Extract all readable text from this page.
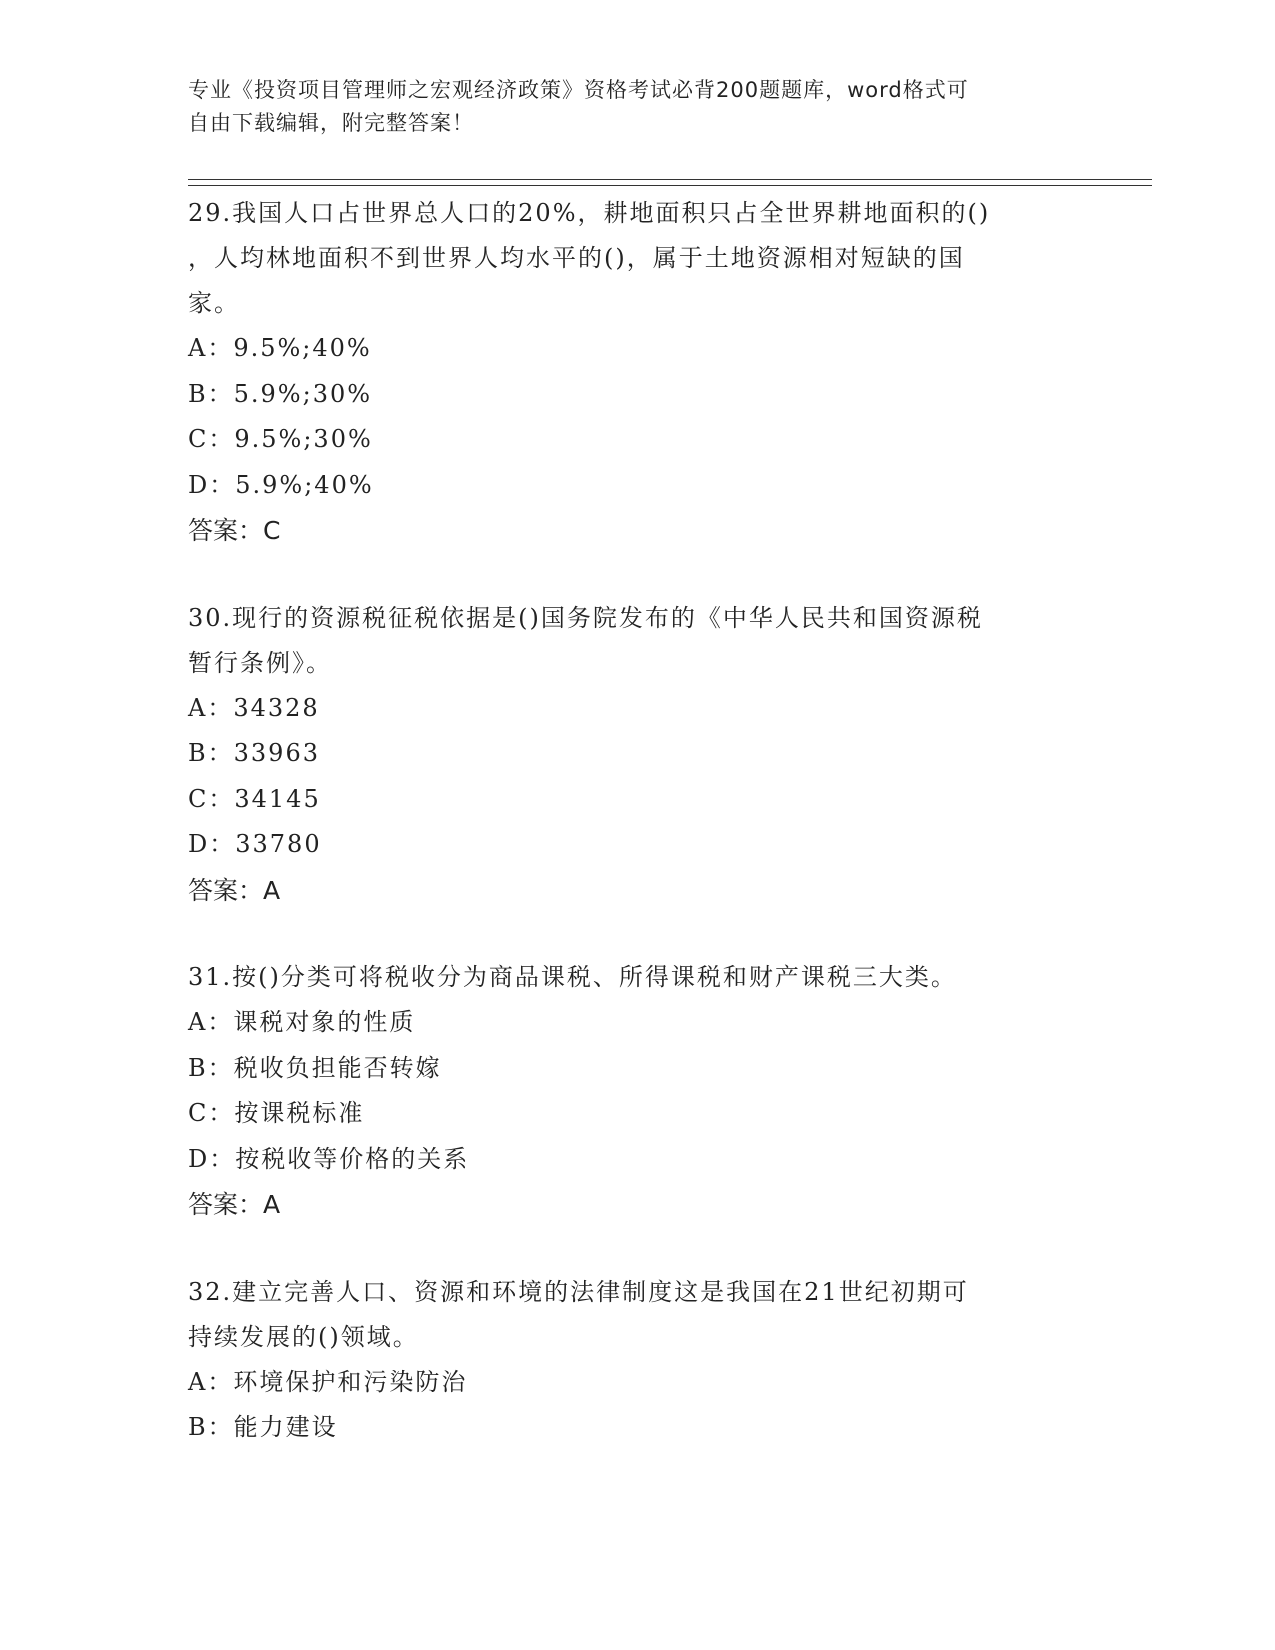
专业《投资项目管理师之宏观经济政策》资格考试必背200题题库，word格式可
自由下载编辑，附完整答案！

29.我国人口占世界总人口的20%，耕地面积只占全世界耕地面积的()

，人均林地面积不到世界人均水平的()，属于土地资源相对短缺的国

家。

A：9.5%;40%

B：5.9%;30%

C：9.5%;30%

D：5.9%;40%

答案：C

30.现行的资源税征税依据是()国务院发布的《中华人民共和国资源税

暂行条例》。

A：34328

B：33963

C：34145

D：33780

答案：A

31.按()分类可将税收分为商品课税、所得课税和财产课税三大类。

A：课税对象的性质

B：税收负担能否转嫁

C：按课税标准

D：按税收等价格的关系

答案：A

32.建立完善人口、资源和环境的法律制度这是我国在21世纪初期可

持续发展的()领域。

A：环境保护和污染防治

B：能力建设
